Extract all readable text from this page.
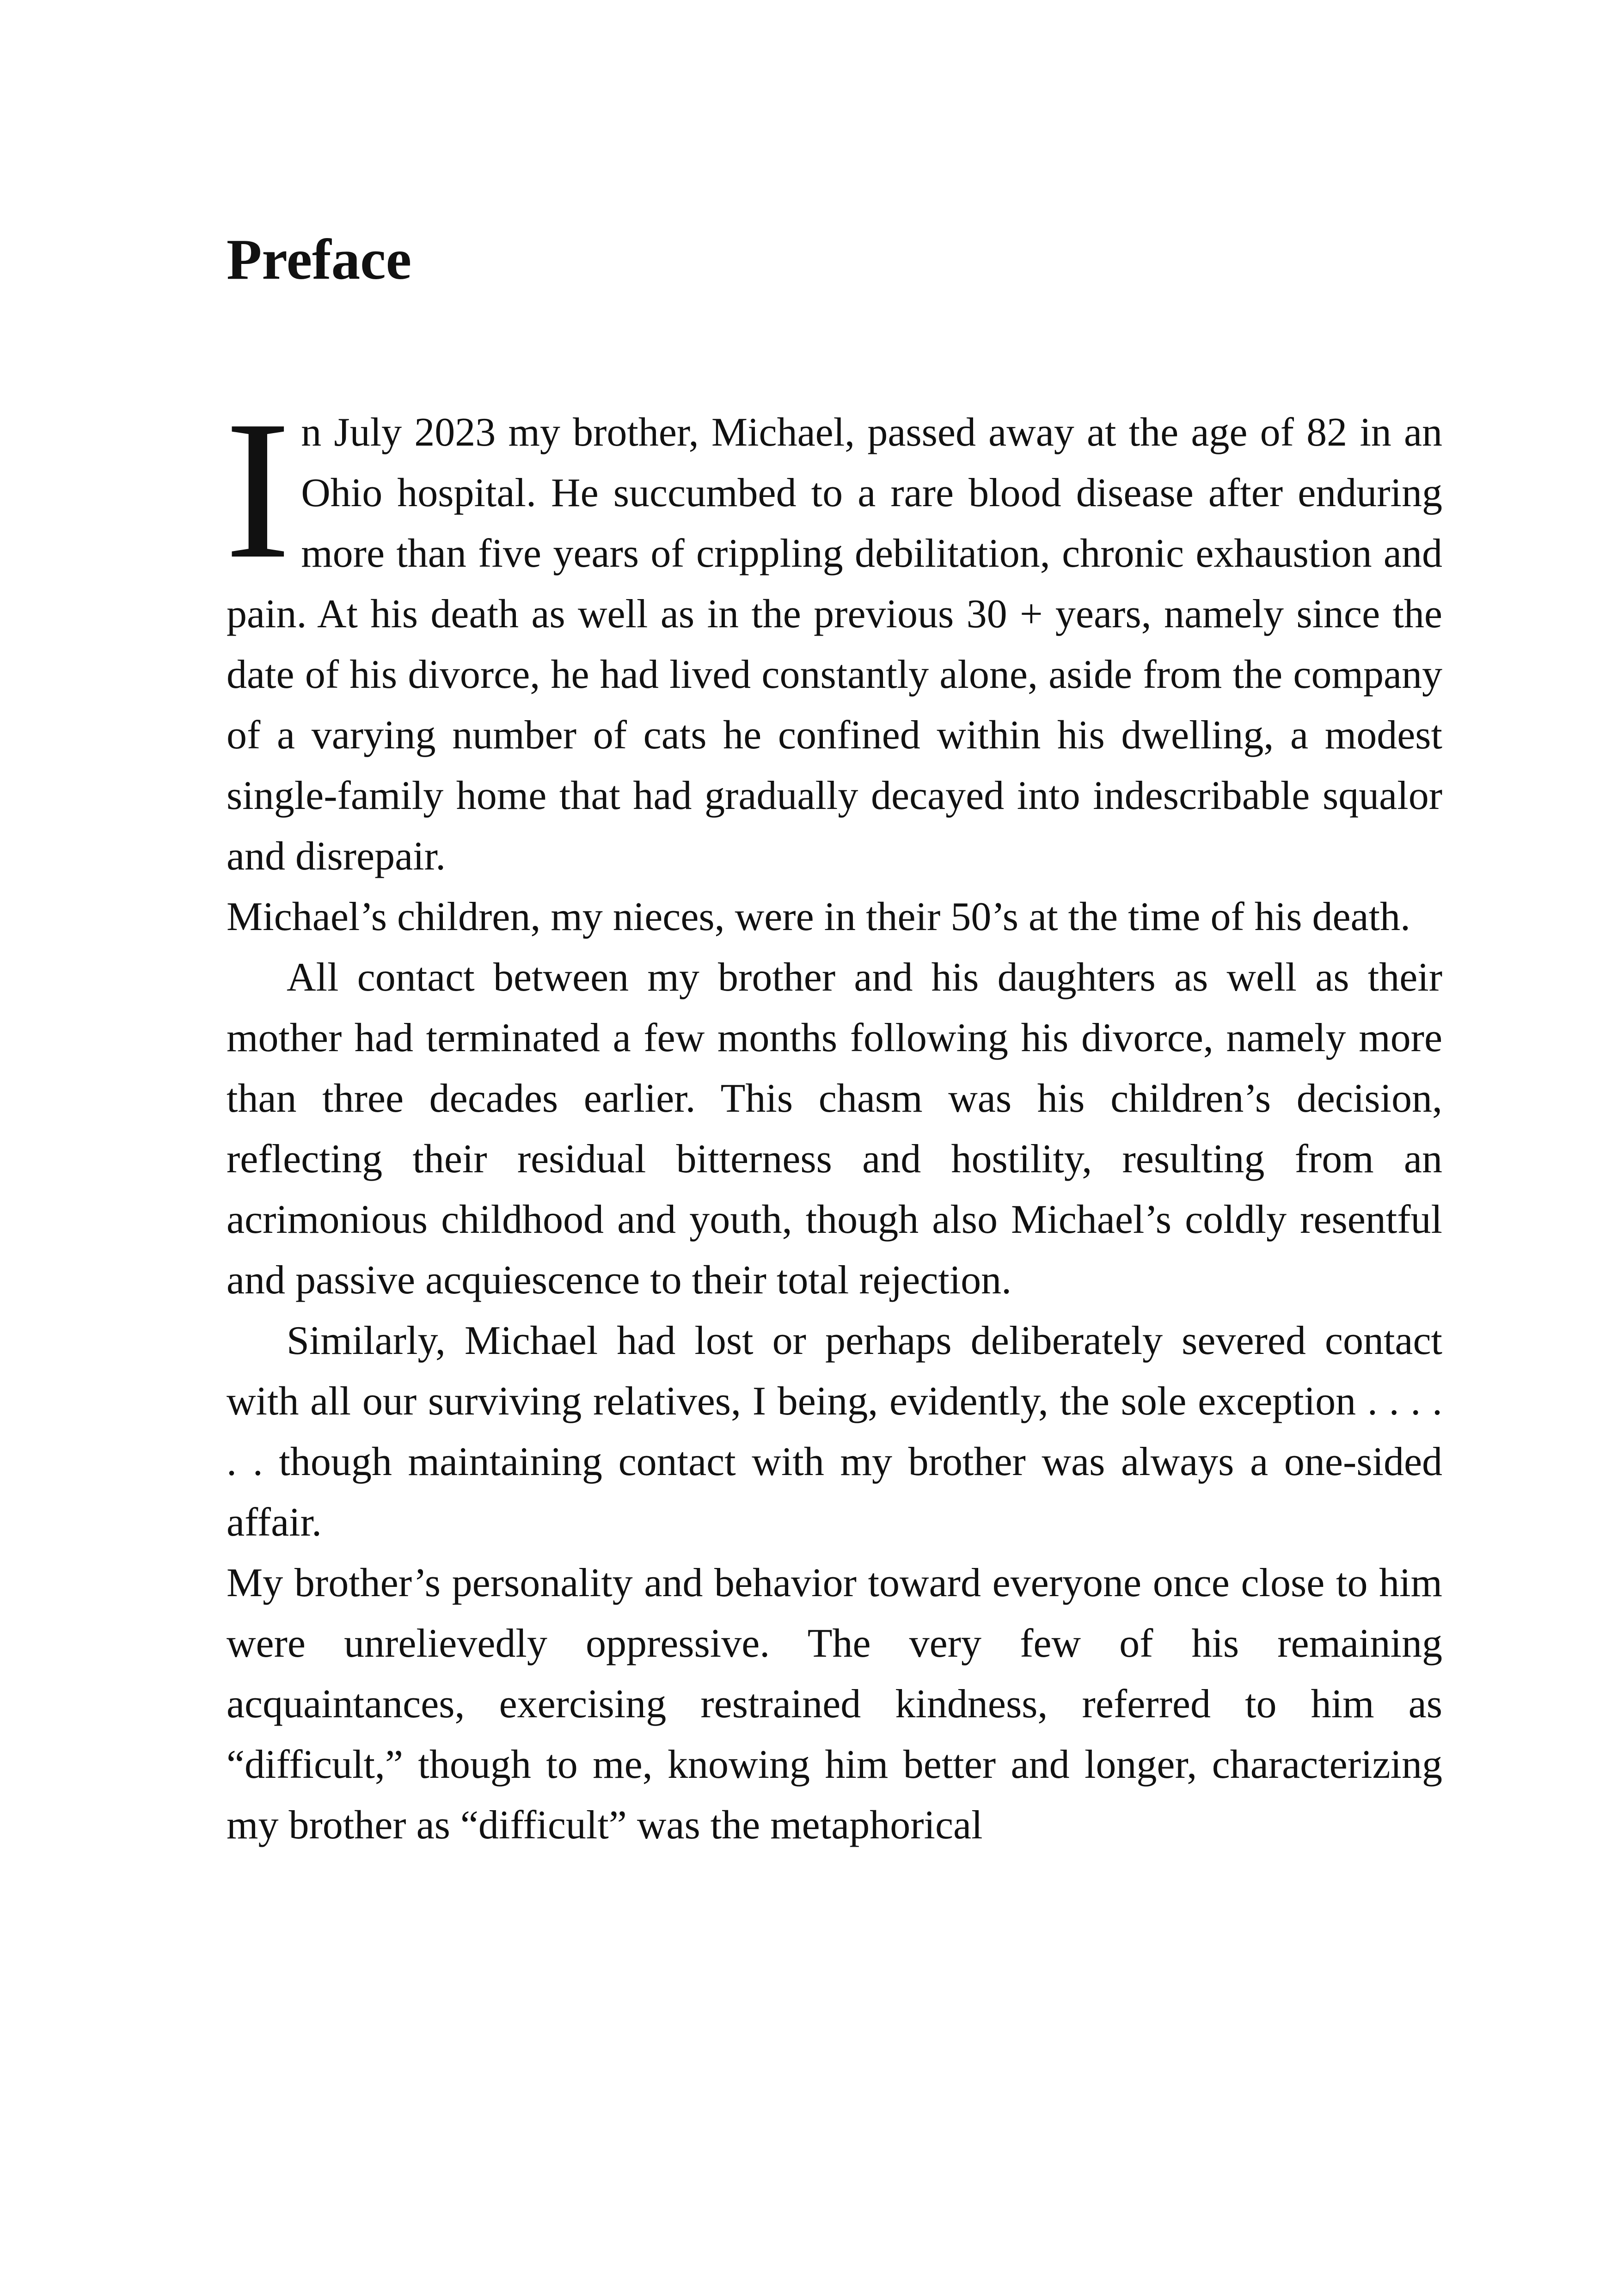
Preface

In July 2023 my brother, Michael, passed away at the age of 82 in an Ohio hospital. He succumbed to a rare blood disease after enduring more than five years of crippling debilitation, chronic exhaustion and pain. At his death as well as in the previous 30 + years, namely since the date of his divorce, he had lived constantly alone, aside from the company of a varying number of cats he confined within his dwelling, a modest single-family home that had gradually decayed into indescribable squalor and disrepair.

Michael’s children, my nieces, were in their 50’s at the time of his death.

All contact between my brother and his daughters as well as their mother had terminated a few months following his divorce, namely more than three decades earlier. This chasm was his children’s decision, reflecting their residual bitterness and hostility, resulting from an acrimonious childhood and youth, though also Michael’s coldly resentful and passive acquiescence to their total rejection.

Similarly, Michael had lost or perhaps deliberately severed contact with all our surviving relatives, I being, evidently, the sole exception . . . . . . though maintaining contact with my brother was always a one-sided affair.

My brother’s personality and behavior toward everyone once close to him were unrelievedly oppressive. The very few of his remaining acquaintances, exercising restrained kindness, referred to him as “difficult,” though to me, knowing him better and longer, characterizing my brother as “difficult” was the metaphorical
